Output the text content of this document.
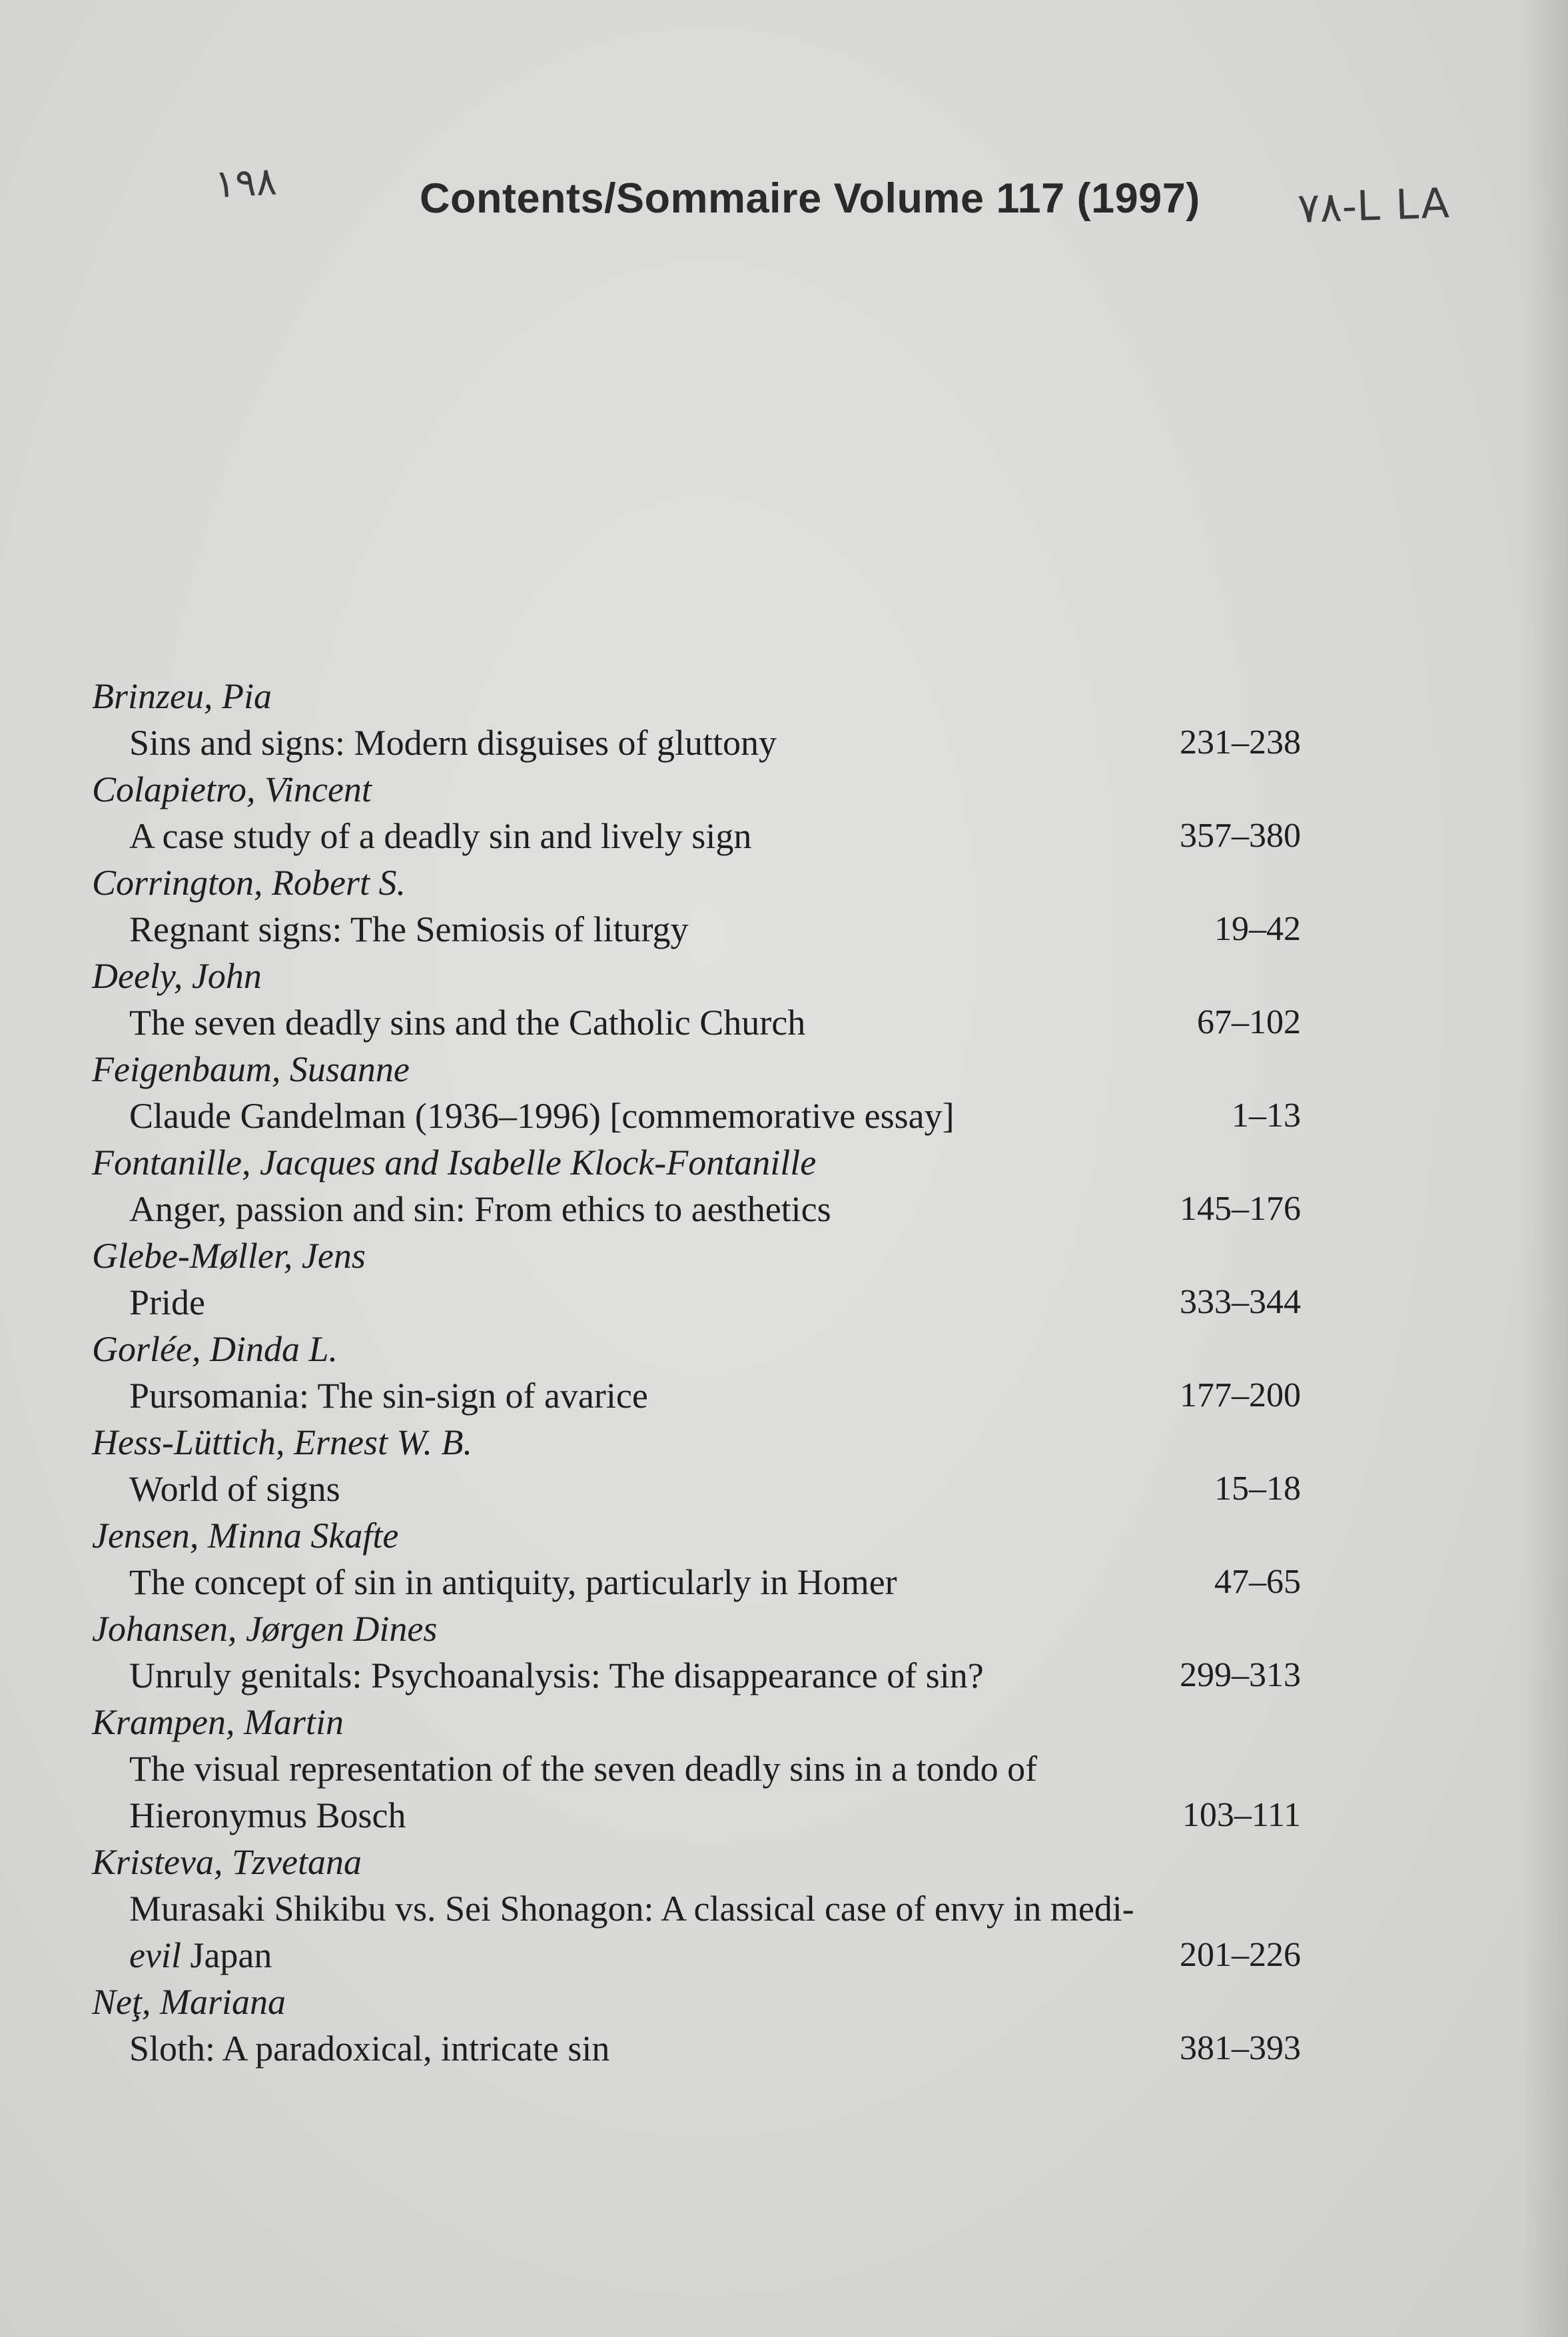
١٩٨	Contents/Sommaire Volume 117 (1997) ٧٨-L LA
Brinzeu, Pia
Sins and signs: Modern disguises of gluttony	231–238
Colapietro, Vincent
A case study of a deadly sin and lively sign	357–380
Corrington, Robert S.
Regnant signs: The Semiosis of liturgy	19–42
Deely, John
The seven deadly sins and the Catholic Church	67–102
Feigenbaum, Susanne
Claude Gandelman (1936–1996) [commemorative essay]	1–13
Fontanille, Jacques and Isabelle Klock-Fontanille
Anger, passion and sin: From ethics to aesthetics	145–176
Glebe-Møller, Jens
Pride	333–344
Gorlée, Dinda L.
Pursomania: The sin-sign of avarice	177–200
Hess-Lüttich, Ernest W. B.
World of signs	15–18
Jensen, Minna Skafte
The concept of sin in antiquity, particularly in Homer	47–65
Johansen, Jørgen Dines
Unruly genitals: Psychoanalysis: The disappearance of sin?	299–313
Krampen, Martin
The visual representation of the seven deadly sins in a tondo of Hieronymus Bosch	103–111
Kristeva, Tzvetana
Murasaki Shikibu vs. Sei Shonagon: A classical case of envy in medi-evil Japan	201–226
Neţ, Mariana
Sloth: A paradoxical, intricate sin	381–393
